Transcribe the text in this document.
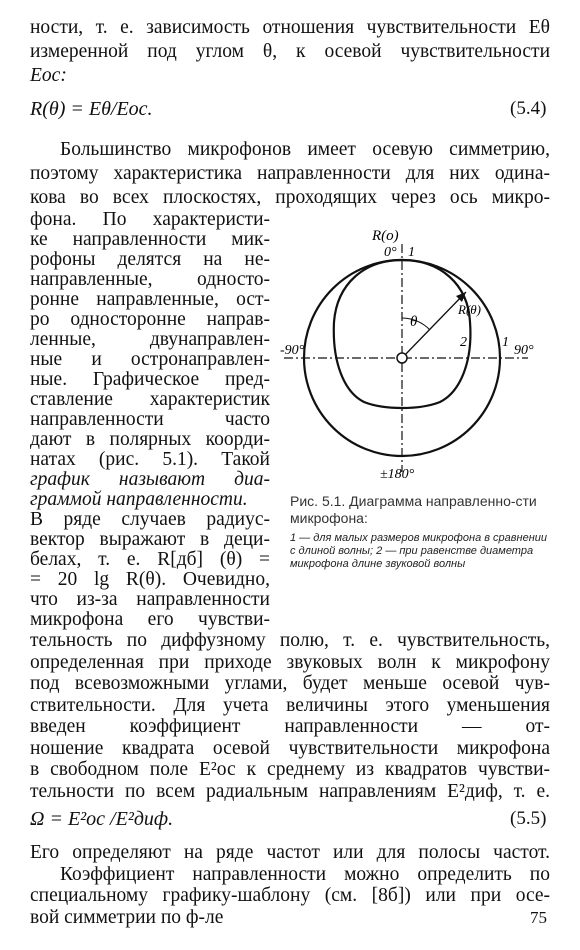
ности, т. е. зависимость отношения чувствительности Eθ
измеренной под углом θ, к осевой чувствительности
Eос:
R(θ) = Eθ/Eос.	(5.4)
Большинство микрофонов имеет осевую симметрию,
поэтому характеристика направленности для них одина-
кова во всех плоскостях, проходящих через ось микро-
фона. По характеристи-
ке направленности мик-
рофоны делятся на не-
направленные, односто-
ронне направленные, ост-
ро односторонне направ-
ленные, двунаправлен-
ные и остронаправлен-
ные. Графическое пред-
ставление характеристик
направленности часто
дают в полярных коорди-
натах (рис. 5.1). Такой
график называют диа-
граммой направленности.
В ряде случаев радиус-
вектор выражают в деци-
белах, т. е. R[дб] (θ) =
= 20 lg R(θ). Очевидно,
что из-за направленности
микрофона его чувстви-
R(о)
0° 1
-90°	90°
1
2
θ
R(θ)
±180°
Рис. 5.1. Диаграмма направленно-сти микрофона:
1 — для малых размеров микрофона в сравнении с длиной волны; 2 — при равенстве диаметра микрофона длине звуковой волны
тельность по диффузному полю, т. е. чувствительность,
определенная при приходе звуковых волн к микрофону
под всевозможными углами, будет меньше осевой чув-
ствительности. Для учета величины этого уменьшения
введен коэффициент направленности — от-
ношение квадрата осевой чувствительности микрофона
в свободном поле E²ос к среднему из квадратов чувстви-
тельности по всем радиальным направлениям E²диф, т. е.
75
Ω = E²ос /E²диф.	(5.5)
Его определяют на ряде частот или для полосы частот.
Коэффициент направленности можно определить по
специальному графику-шаблону (см. [8б]) или при осе-
вой симметрии по ф-ле
